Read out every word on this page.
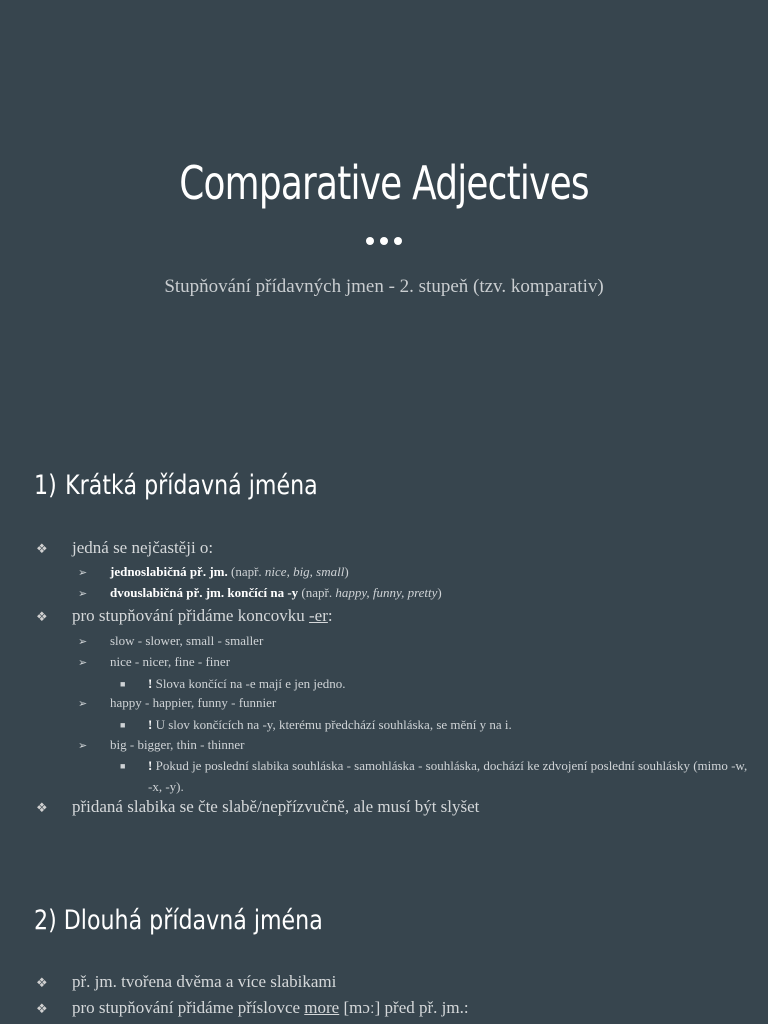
Comparative Adjectives
Stupňování přídavných jmen - 2. stupeň (tzv. komparativ)
1) Krátká přídavná jména
❖ jedná se nejčastěji o:
➢ jednoslabičná př. jm. (např. nice, big, small)
➢ dvouslabičná př. jm. končící na -y (např. happy, funny, pretty)
❖ pro stupňování přidáme koncovku -er:
➢ slow - slower, small - smaller
➢ nice - nicer, fine - finer
■ ! Slova končící na -e mají e jen jedno.
➢ happy - happier, funny - funnier
■ ! U slov končících na -y, kterému předchází souhláska, se mění y na i.
➢ big - bigger, thin - thinner
■ ! Pokud je poslední slabika souhláska - samohláska - souhláska, dochází ke zdvojení poslední souhlásky (mimo -w, -x, -y).
❖ přidaná slabika se čte slabě/nepřízvučně, ale musí být slyšet
2) Dlouhá přídavná jména
❖ př. jm. tvořena dvěma a více slabikami
❖ pro stupňování přidáme příslovce more [mɔː] před př. jm.:
